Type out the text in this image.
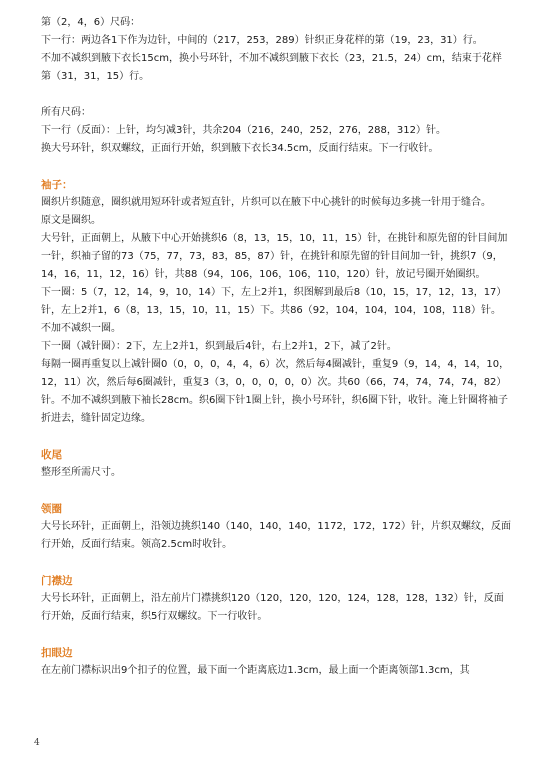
第（2，4，6）尺码：

下一行：两边各1下作为边针，中间的（217，253，289）针织正身花样的第（19，23，31）行。

不加不减织到腋下衣长15cm，换小号环针，不加不减织到腋下衣长（23，21.5，24）cm，结束于花样第（31，31，15）行。

所有尺码：

下一行（反面）：上针，均匀减3针，共余204（216，240，252，276，288，312）针。

换大号环针，织双螺纹，正面行开始，织到腋下衣长34.5cm，反面行结束。下一行收针。

袖子：

圈织片织随意，圈织就用短环针或者短直针，片织可以在腋下中心挑针的时候每边多挑一针用于缝合。

原文是圈织。

大号针，正面朝上，从腋下中心开始挑织6（8，13，15，10，11，15）针，在挑针和原先留的针目间加一针，织袖子留的73（75，77，73，83，85，87）针，在挑针和原先留的针目间加一针，挑织7（9，14，16，11，12，16）针，共88（94，106，106，106，110，120）针，放记号圈开始圈织。

下一圈：5（7，12，14，9，10，14）下，左上2并1，织图解到最后8（10，15，17，12，13，17）针，左上2并1，6（8，13，15，10，11，15）下。共86（92，104，104，104，108，118）针。

不加不减织一圈。

下一圈（减针圈）：2下，左上2并1，织到最后4针，右上2并1，2下，减了2针。

每隔一圈再重复以上减针圈0（0，0，0，4，4，6）次，然后每4圈减针，重复9（9，14，4，14，10，12，11）次，然后每6圈减针，重复3（3，0，0，0，0，0）次。共60（66，74，74，74，74，82）针。不加不减织到腋下袖长28cm。织6圈下针1圈上针，换小号环针，织6圈下针，收针。淹上针圈将袖子折进去，缝针固定边缘。

收尾

整形至所需尺寸。

领圈

大号长环针，正面朝上，沿领边挑织140（140，140，140，1172，172，172）针，片织双螺纹，反面行开始，反面行结束。领高2.5cm时收针。

门襟边

大号长环针，正面朝上，沿左前片门襟挑织120（120，120，120，124，128，128，132）针，反面行开始，反面行结束，织5行双螺纹。下一行收针。

扣眼边

在左前门襟标识出9个扣子的位置，最下面一个距离底边1.3cm，最上面一个距离领部1.3cm，其

4
